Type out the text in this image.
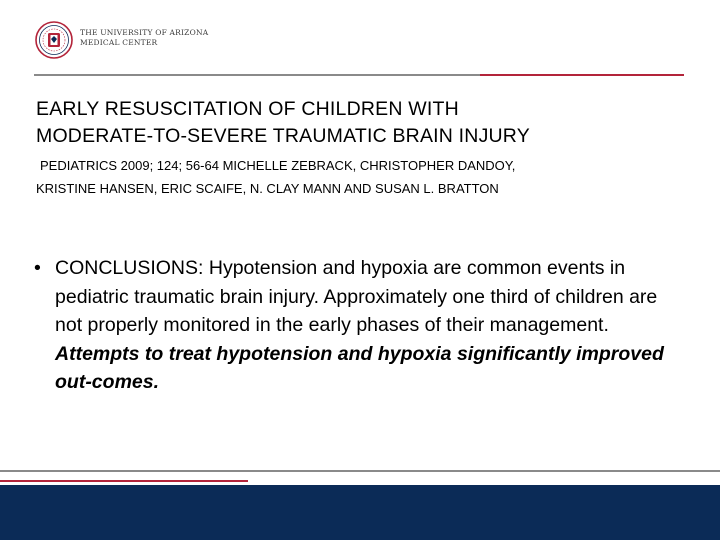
THE UNIVERSITY OF ARIZONA
MEDICAL CENTER
EARLY RESUSCITATION OF CHILDREN WITH
MODERATE-TO-SEVERE TRAUMATIC BRAIN INJURY
PEDIATRICS 2009; 124; 56-64 MICHELLE ZEBRACK, CHRISTOPHER DANDOY,
KRISTINE HANSEN, ERIC SCAIFE, N. CLAY MANN AND SUSAN L. BRATTON
• CONCLUSIONS: Hypotension and hypoxia are common events in pediatric traumatic brain injury. Approximately one third of children are not properly monitored in the early phases of their management. Attempts to treat hypotension and hypoxia significantly improved out-comes.
